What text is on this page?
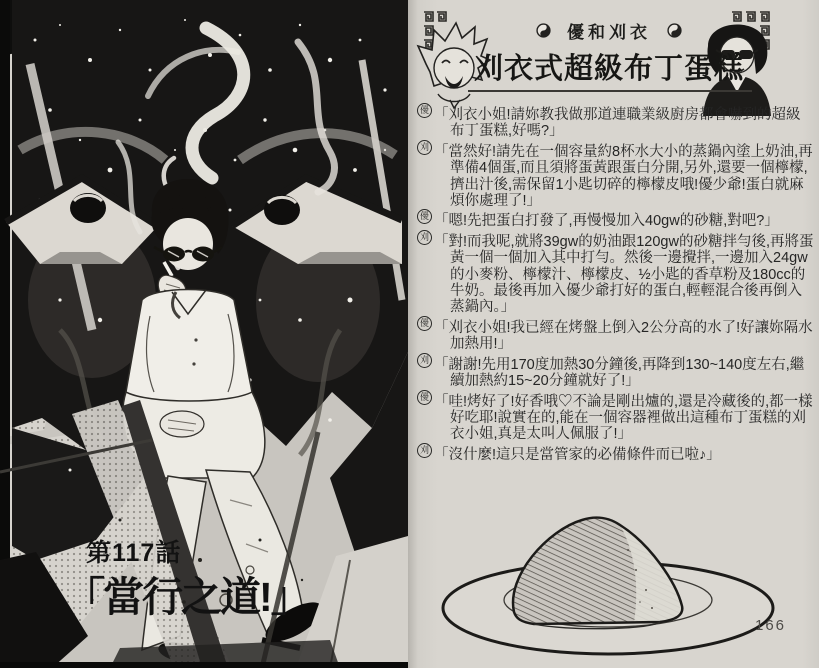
第117話
「當行之道!」
優和刈衣
刈衣式超級布丁蛋糕

優 「刈衣小姐!請妳教我做那道連職業級廚房都會嚇到的超級布丁蛋糕,好嗎?」

刈 「當然好!請先在一個容量約8杯水大小的蒸鍋內塗上奶油,再準備4個蛋,而且須將蛋黃跟蛋白分開,另外,還要一個檸檬,擠出汁後,需保留1小匙切碎的檸檬皮哦!優少爺!蛋白就麻煩你處理了!」

優 「嗯!先把蛋白打發了,再慢慢加入40gw的砂糖,對吧?」

刈 「對!而我呢,就將39gw的奶油跟120gw的砂糖拌勻後,再將蛋黃一個一個加入其中打勻。然後一邊攪拌,一邊加入24gw的小麥粉、檸檬汁、檸檬皮、½小匙的香草粉及180cc的牛奶。最後再加入優少爺打好的蛋白,輕輕混合後再倒入蒸鍋內。」

優 「刈衣小姐!我已經在烤盤上倒入2公分高的水了!好讓妳隔水加熱用!」

刈 「謝謝!先用170度加熱30分鐘後,再降到130~140度左右,繼續加熱約15~20分鐘就好了!」

優 「哇!烤好了!好香哦♡不論是剛出爐的,還是冷藏後的,都一樣好吃耶!說實在的,能在一個容器裡做出這種布丁蛋糕的刈衣小姐,真是太叫人佩服了!」

刈 「沒什麼!這只是當管家的必備條件而已啦♪」

166
